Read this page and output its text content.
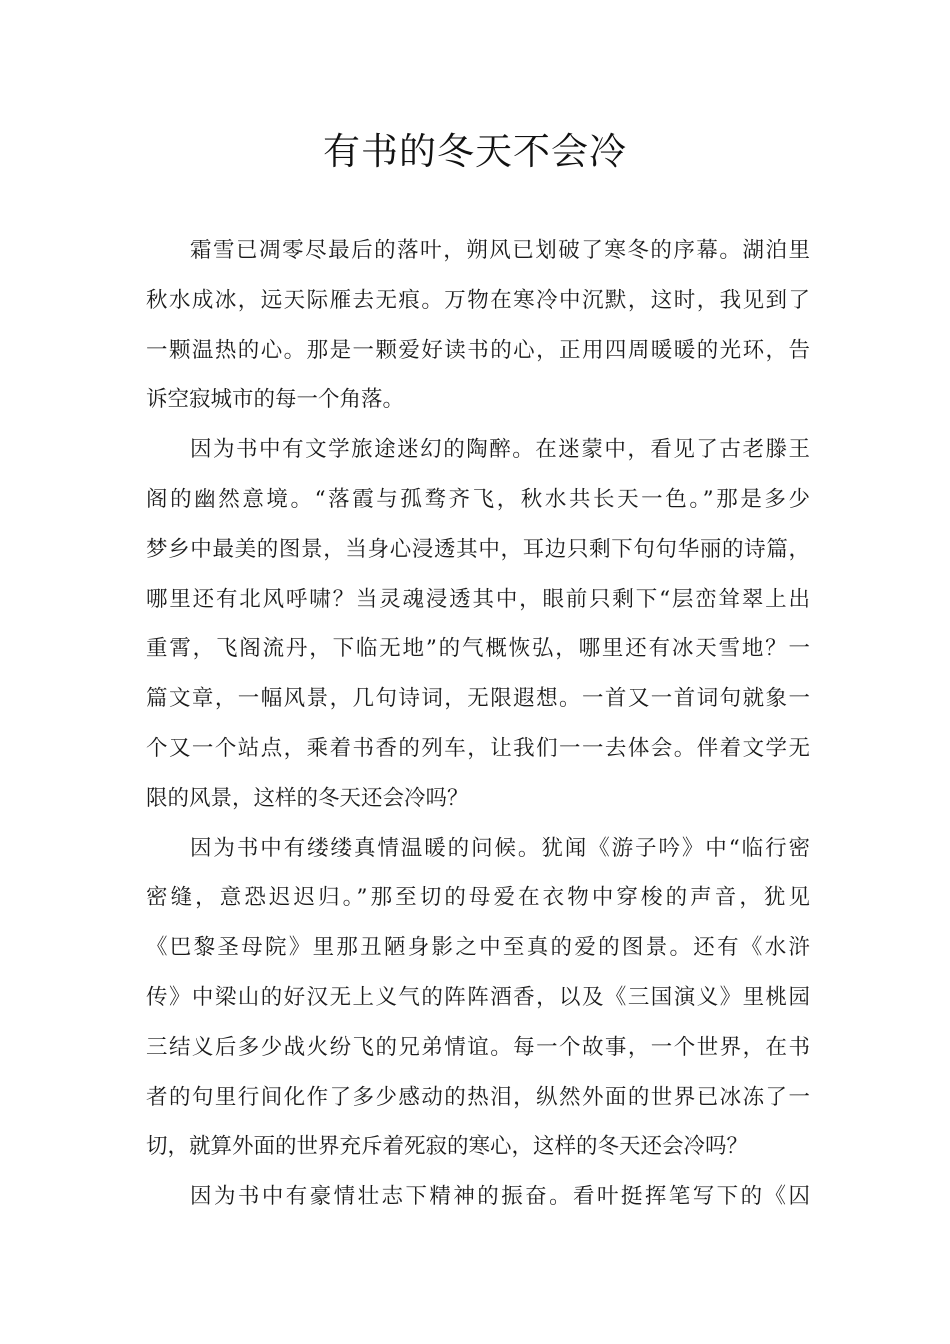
有书的冬天不会冷
霜雪已凋零尽最后的落叶，朔风已划破了寒冬的序幕。湖泊里
秋水成冰，远天际雁去无痕。万物在寒冷中沉默，这时，我见到了
一颗温热的心。那是一颗爱好读书的心，正用四周暖暖的光环，告
诉空寂城市的每一个角落。
因为书中有文学旅途迷幻的陶醉。在迷蒙中，看见了古老滕王
阁的幽然意境。“落霞与孤骛齐飞，秋水共长天一色。”那是多少
梦乡中最美的图景，当身心浸透其中，耳边只剩下句句华丽的诗篇，
哪里还有北风呼啸？当灵魂浸透其中，眼前只剩下“层峦耸翠上出
重霄，飞阁流丹，下临无地”的气概恢弘，哪里还有冰天雪地？一
篇文章，一幅风景，几句诗词，无限遐想。一首又一首词句就象一
个又一个站点，乘着书香的列车，让我们一一去体会。伴着文学无
限的风景，这样的冬天还会冷吗？
因为书中有缕缕真情温暖的问候。犹闻《游子吟》中“临行密
密缝，意恐迟迟归。”那至切的母爱在衣物中穿梭的声音，犹见
《巴黎圣母院》里那丑陋身影之中至真的爱的图景。还有《水浒
传》中梁山的好汉无上义气的阵阵酒香，以及《三国演义》里桃园
三结义后多少战火纷飞的兄弟情谊。每一个故事，一个世界，在书
者的句里行间化作了多少感动的热泪，纵然外面的世界已冰冻了一
切，就算外面的世界充斥着死寂的寒心，这样的冬天还会冷吗？
因为书中有豪情壮志下精神的振奋。看叶挺挥笔写下的《囚
